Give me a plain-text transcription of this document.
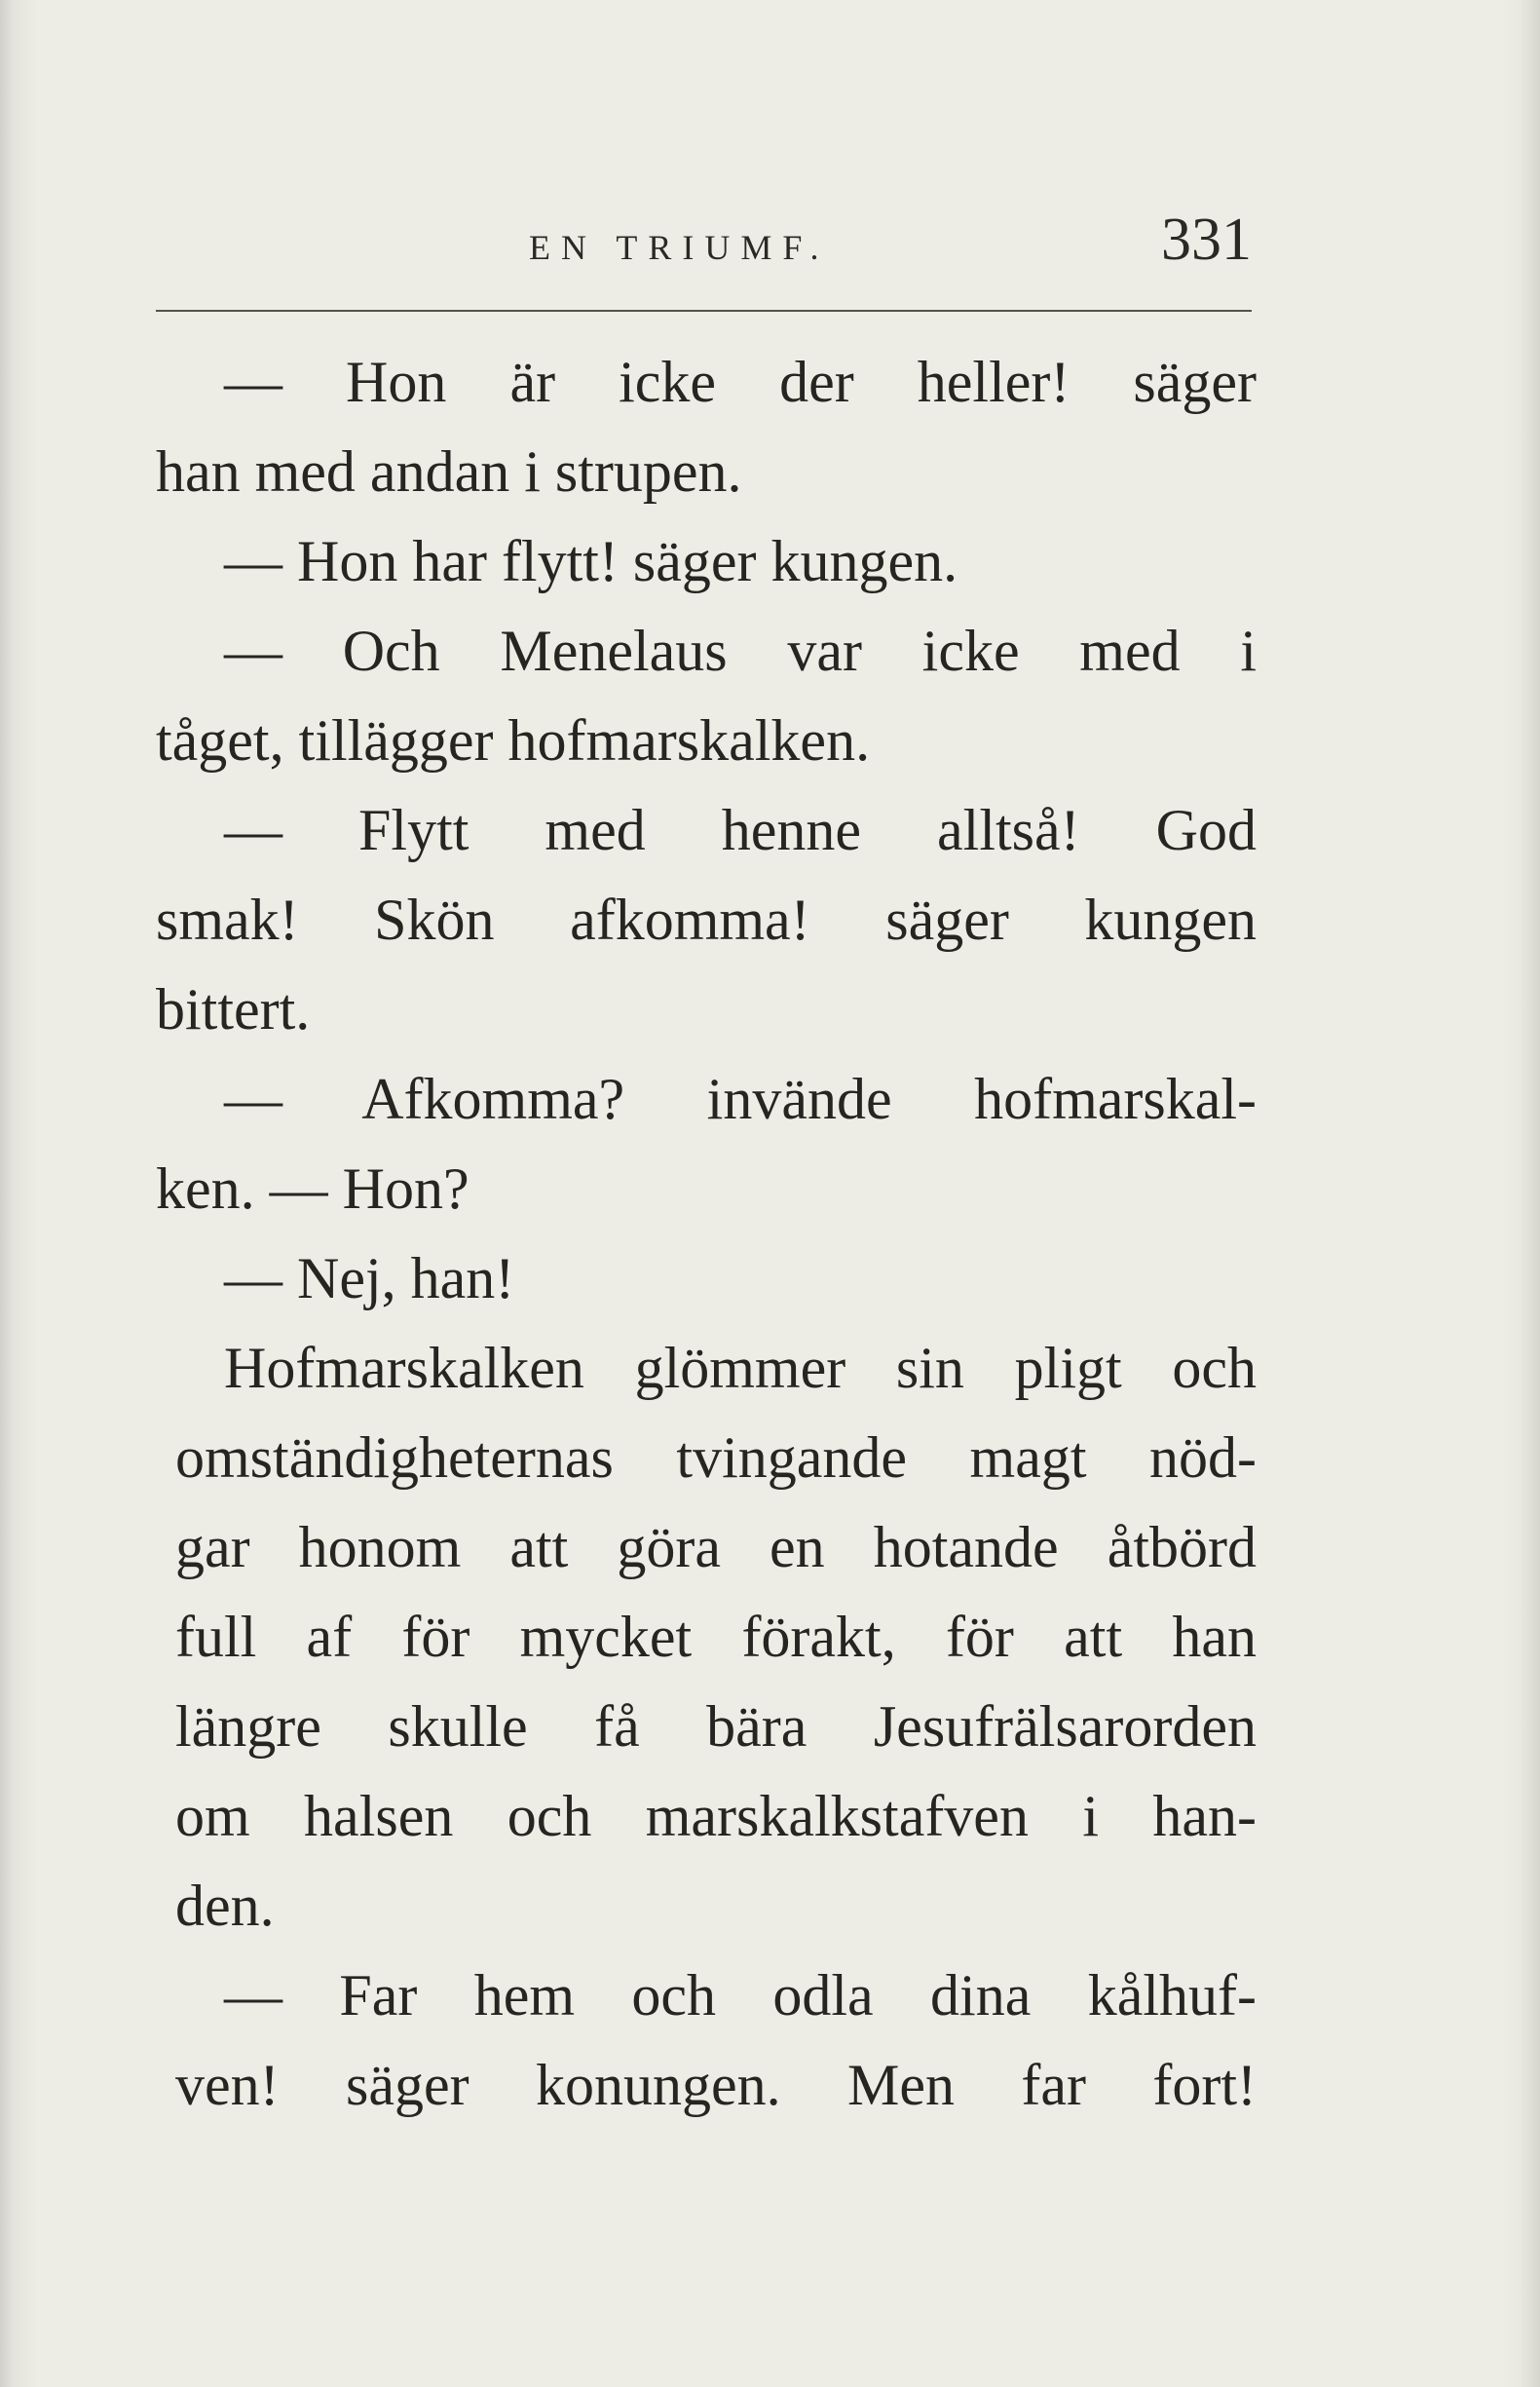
EN TRIUMF.	331
— Hon är icke der heller! säger
han med andan i strupen.
— Hon har flytt! säger kungen.
— Och Menelaus var icke med i
tåget, tillägger hofmarskalken.
— Flytt med henne alltså! God
smak! Skön afkomma! säger kungen
bittert.
— Afkomma? invände hofmarskal-
ken. — Hon?
— Nej, han!
Hofmarskalken glömmer sin pligt och
omständigheternas tvingande magt nöd-
gar honom att göra en hotande åtbörd
full af för mycket förakt, för att han
längre skulle få bära Jesufrälsarorden
om halsen och marskalkstafven i han-
den.
— Far hem och odla dina kålhuf-
ven! säger konungen. Men far fort!
